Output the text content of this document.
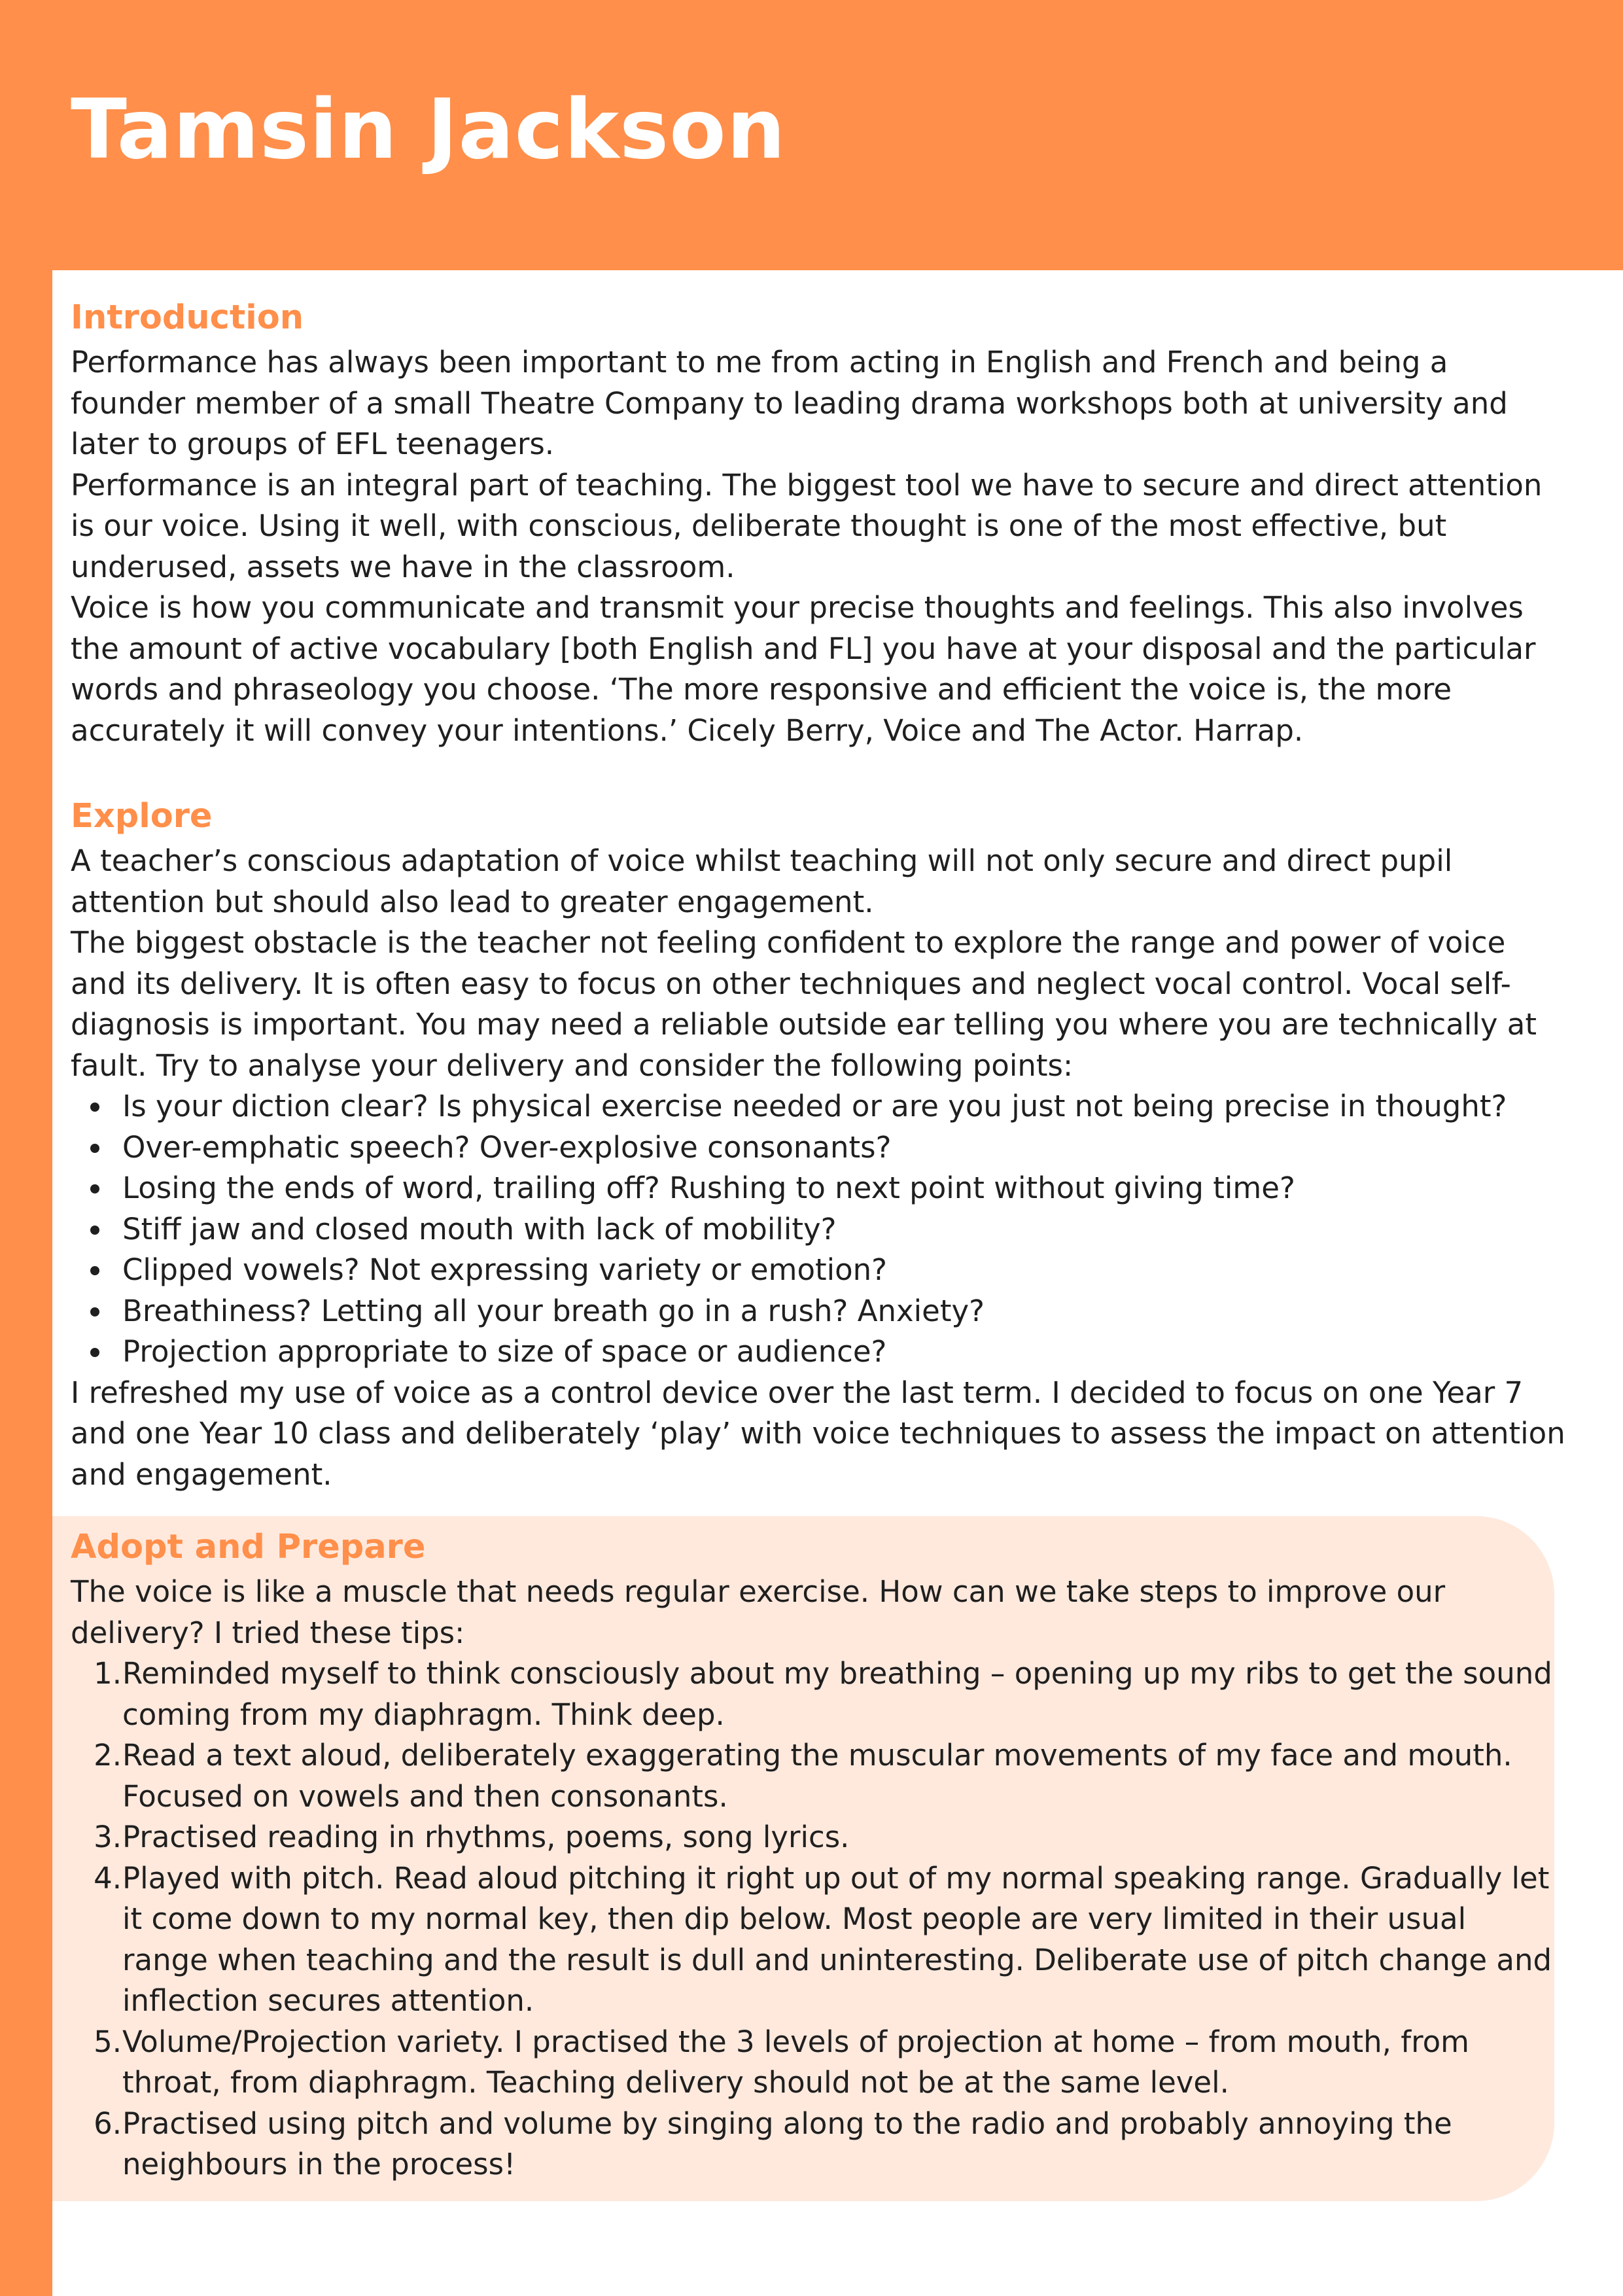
Tamsin Jackson
Introduction

Performance has always been important to me from acting in English and French and being a founder member of a small Theatre Company to leading drama workshops both at university and later to groups of EFL teenagers.

Performance is an integral part of teaching. The biggest tool we have to secure and direct attention is our voice. Using it well, with conscious, deliberate thought is one of the most effective, but underused, assets we have in the classroom.

Voice is how you communicate and transmit your precise thoughts and feelings. This also involves the amount of active vocabulary [both English and FL] you have at your disposal and the particular words and phraseology you choose. ‘The more responsive and efficient the voice is, the more accurately it will convey your intentions.’ Cicely Berry, Voice and The Actor. Harrap.

Explore

A teacher’s conscious adaptation of voice whilst teaching will not only secure and direct pupil attention but should also lead to greater engagement.

The biggest obstacle is the teacher not feeling confident to explore the range and power of voice and its delivery. It is often easy to focus on other techniques and neglect vocal control. Vocal self-diagnosis is important. You may need a reliable outside ear telling you where you are technically at fault. Try to analyse your delivery and consider the following points:

Is your diction clear? Is physical exercise needed or are you just not being precise in thought?
Over-emphatic speech? Over-explosive consonants?
Losing the ends of word, trailing off? Rushing to next point without giving time?
Stiff jaw and closed mouth with lack of mobility?
Clipped vowels? Not expressing variety or emotion?
Breathiness? Letting all your breath go in a rush? Anxiety?
Projection appropriate to size of space or audience?

I refreshed my use of voice as a control device over the last term. I decided to focus on one Year 7 and one Year 10 class and deliberately ‘play’ with voice techniques to assess the impact on attention and engagement.

Adopt and Prepare

The voice is like a muscle that needs regular exercise. How can we take steps to improve our delivery? I tried these tips:

1. Reminded myself to think consciously about my breathing – opening up my ribs to get the sound coming from my diaphragm. Think deep.
2. Read a text aloud, deliberately exaggerating the muscular movements of my face and mouth. Focused on vowels and then consonants.
3. Practised reading in rhythms, poems, song lyrics.
4. Played with pitch. Read aloud pitching it right up out of my normal speaking range. Gradually let it come down to my normal key, then dip below. Most people are very limited in their usual range when teaching and the result is dull and uninteresting. Deliberate use of pitch change and inflection secures attention.
5. Volume/Projection variety. I practised the 3 levels of projection at home – from mouth, from throat, from diaphragm. Teaching delivery should not be at the same level.
6. Practised using pitch and volume by singing along to the radio and probably annoying the neighbours in the process!
